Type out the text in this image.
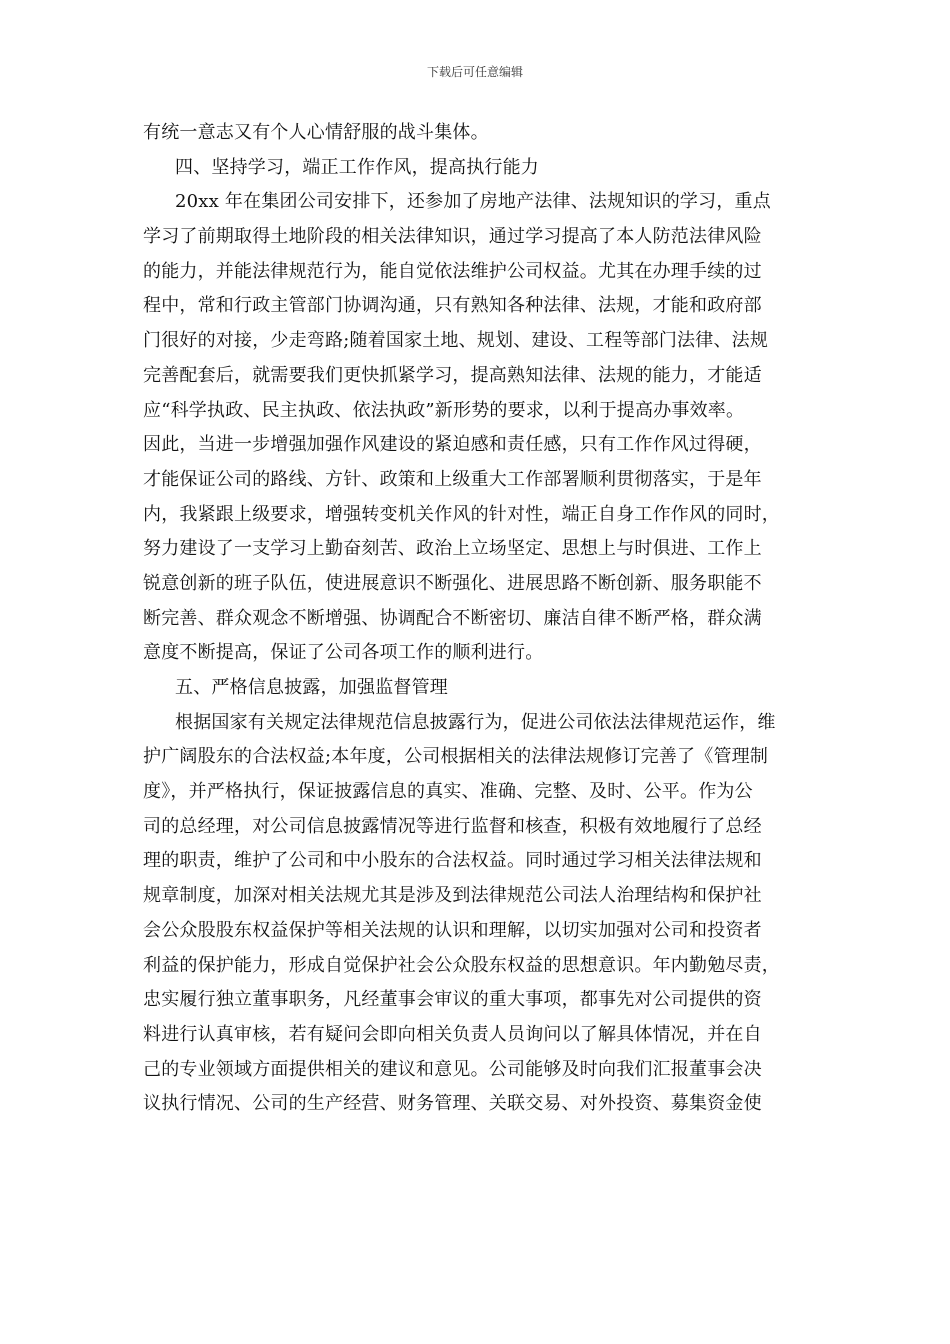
下载后可任意编辑
有统一意志又有个人心情舒服的战斗集体。
四、坚持学习，端正工作作风，提高执行能力
20xx 年在集团公司安排下，还参加了房地产法律、法规知识的学习，重点
学习了前期取得土地阶段的相关法律知识，通过学习提高了本人防范法律风险
的能力，并能法律规范行为，能自觉依法维护公司权益。尤其在办理手续的过
程中，常和行政主管部门协调沟通，只有熟知各种法律、法规，才能和政府部
门很好的对接，少走弯路;随着国家土地、规划、建设、工程等部门法律、法规
完善配套后，就需要我们更快抓紧学习，提高熟知法律、法规的能力，才能适
应“科学执政、民主执政、依法执政”新形势的要求，以利于提高办事效率。
因此，当进一步增强加强作风建设的紧迫感和责任感，只有工作作风过得硬，
才能保证公司的路线、方针、政策和上级重大工作部署顺利贯彻落实，于是年
内，我紧跟上级要求，增强转变机关作风的针对性，端正自身工作作风的同时，
努力建设了一支学习上勤奋刻苦、政治上立场坚定、思想上与时俱进、工作上
锐意创新的班子队伍，使进展意识不断强化、进展思路不断创新、服务职能不
断完善、群众观念不断增强、协调配合不断密切、廉洁自律不断严格，群众满
意度不断提高，保证了公司各项工作的顺利进行。
五、严格信息披露，加强监督管理
根据国家有关规定法律规范信息披露行为，促进公司依法法律规范运作，维
护广阔股东的合法权益;本年度，公司根据相关的法律法规修订完善了《管理制
度》，并严格执行，保证披露信息的真实、准确、完整、及时、公平。作为公
司的总经理，对公司信息披露情况等进行监督和核查，积极有效地履行了总经
理的职责，维护了公司和中小股东的合法权益。同时通过学习相关法律法规和
规章制度，加深对相关法规尤其是涉及到法律规范公司法人治理结构和保护社
会公众股股东权益保护等相关法规的认识和理解，以切实加强对公司和投资者
利益的保护能力，形成自觉保护社会公众股东权益的思想意识。年内勤勉尽责，
忠实履行独立董事职务，凡经董事会审议的重大事项，都事先对公司提供的资
料进行认真审核，若有疑问会即向相关负责人员询问以了解具体情况，并在自
己的专业领域方面提供相关的建议和意见。公司能够及时向我们汇报董事会决
议执行情况、公司的生产经营、财务管理、关联交易、对外投资、募集资金使
